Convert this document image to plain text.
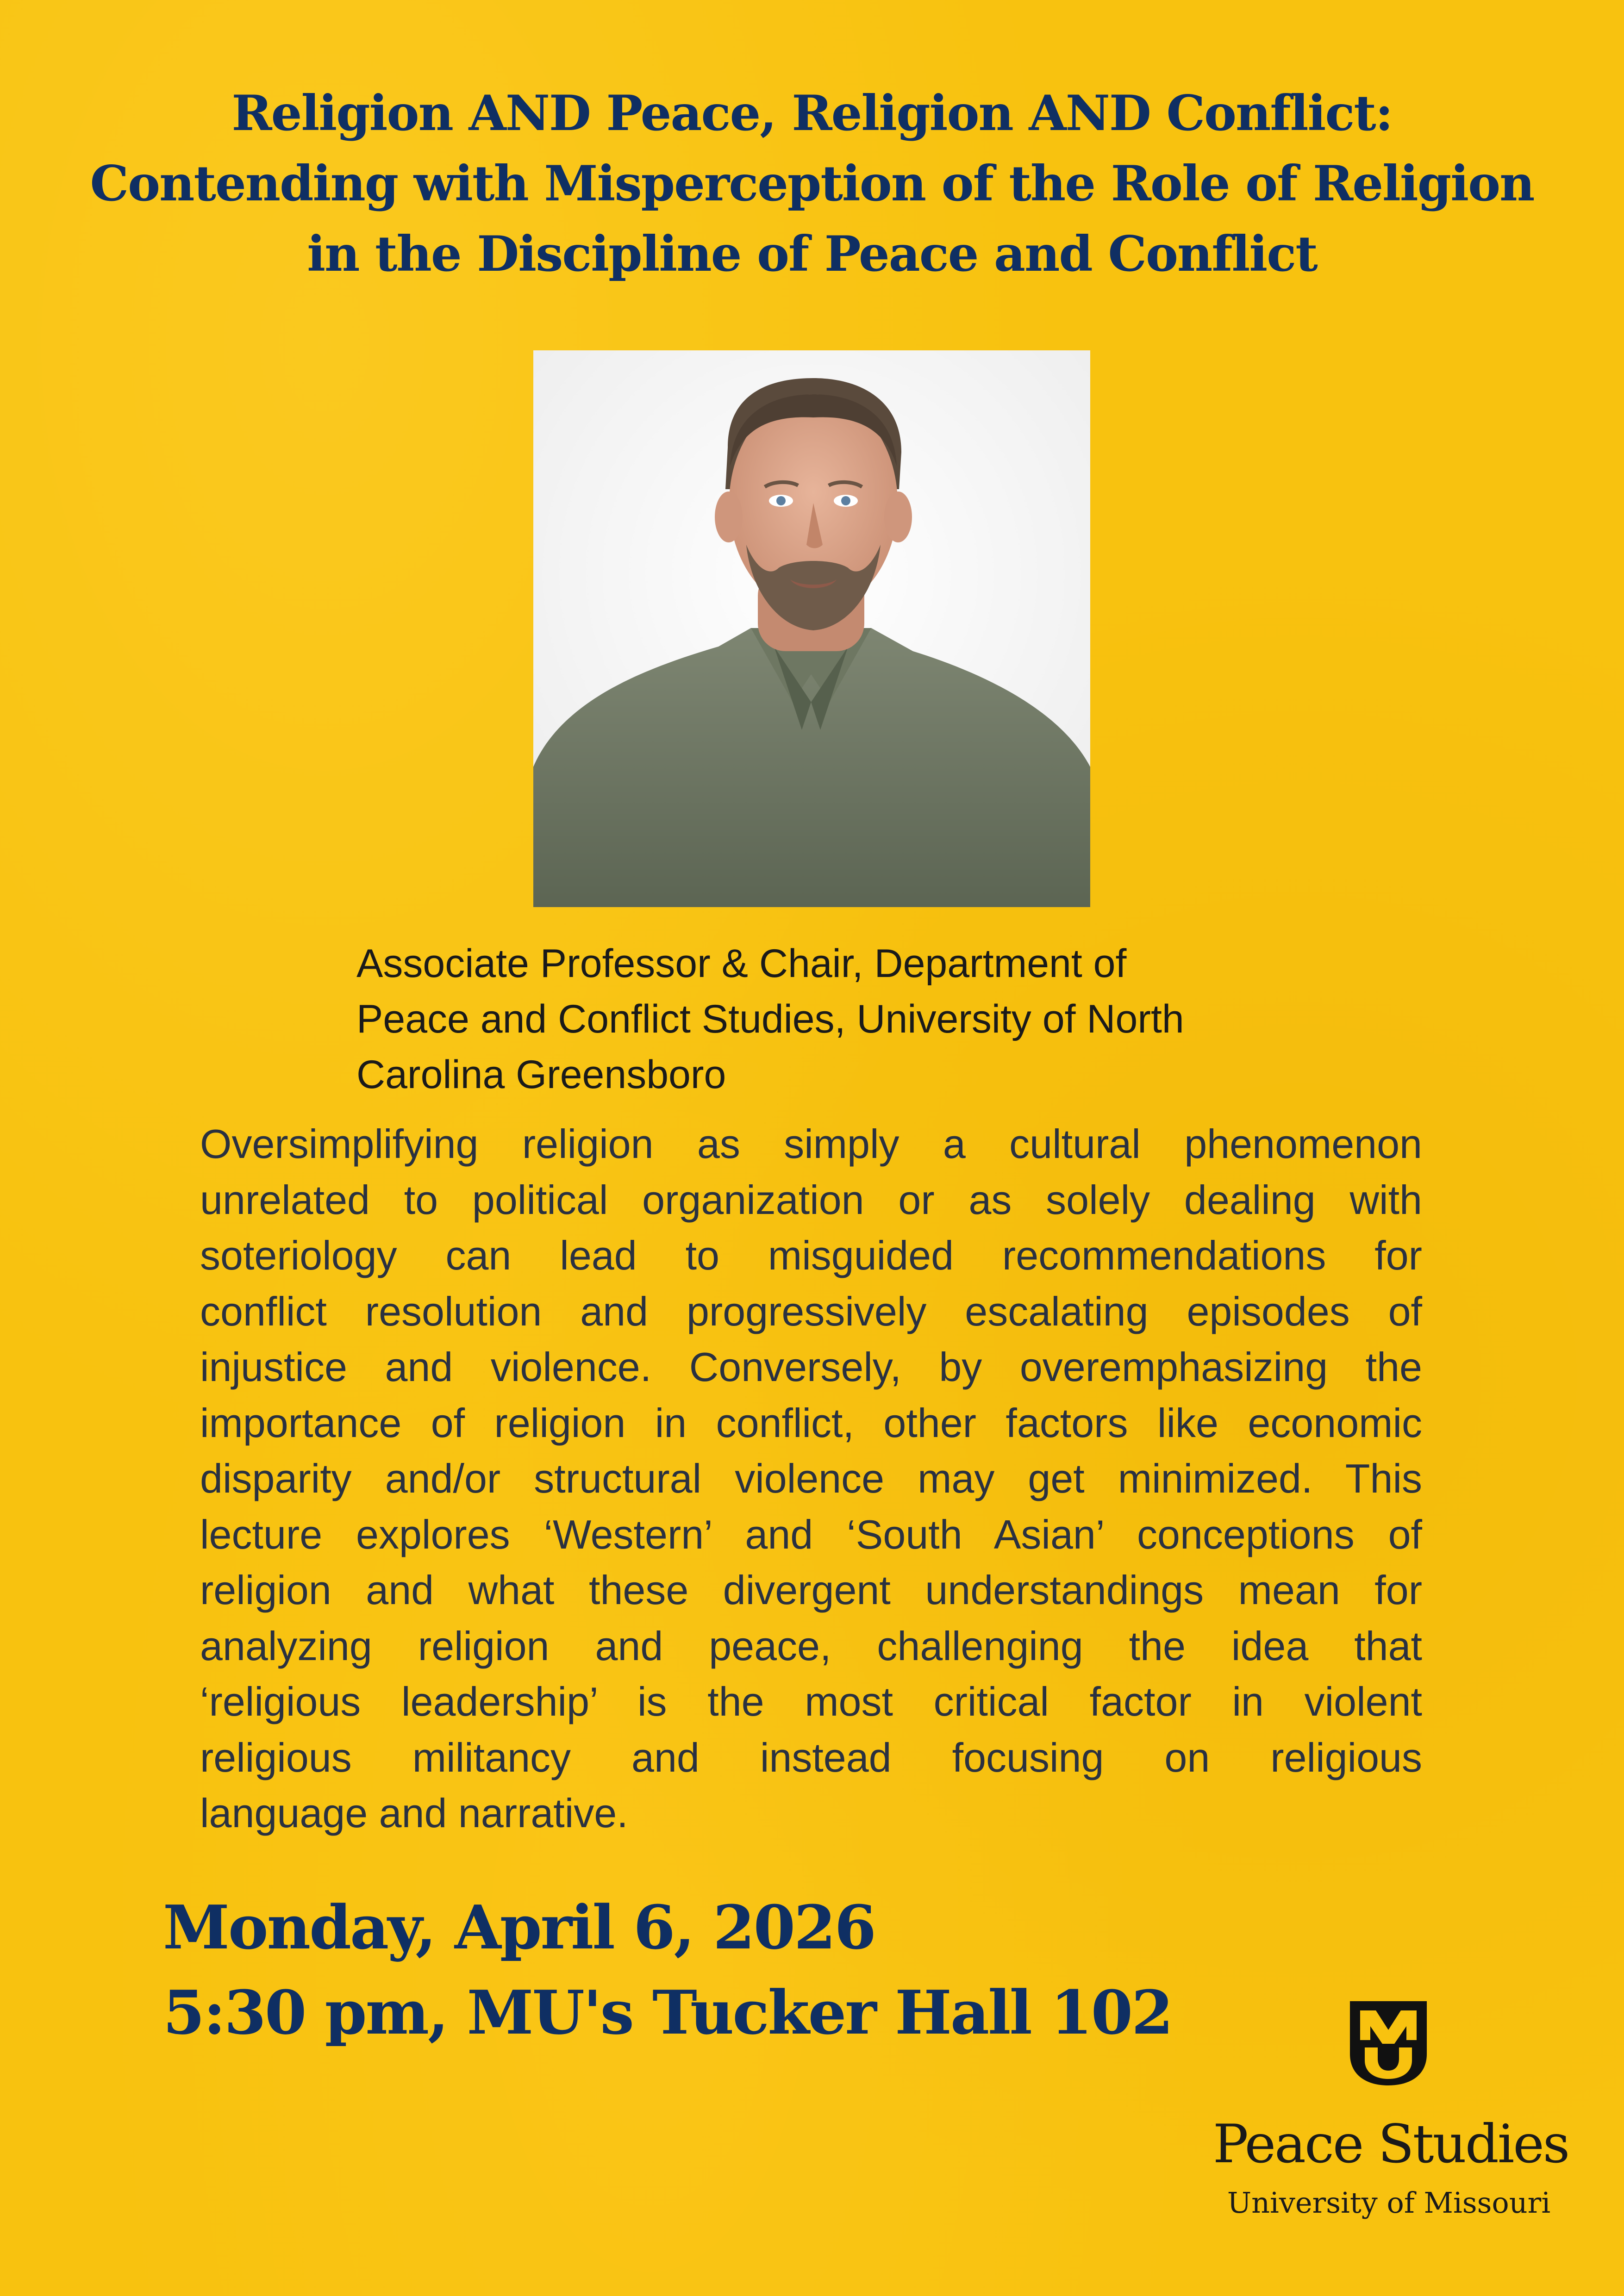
Religion AND Peace, Religion AND Conflict:
Contending with Misperception of the Role of Religion
in the Discipline of Peace and Conflict
Associate Professor & Chair, Department of
Peace and Conflict Studies, University of North
Carolina Greensboro
Oversimplifying religion as simply a cultural phenomenon
unrelated to political organization or as solely dealing with
soteriology can lead to misguided recommendations for
conflict resolution and progressively escalating episodes of
injustice and violence. Conversely, by overemphasizing the
importance of religion in conflict, other factors like economic
disparity and/or structural violence may get minimized. This
lecture explores ‘Western’ and ‘South Asian’ conceptions of
religion and what these divergent understandings mean for
analyzing religion and peace, challenging the idea that
‘religious leadership’ is the most critical factor in violent
religious militancy and instead focusing on religious
language and narrative.

Monday, April 6, 2026

5:30 pm, MU's Tucker Hall 102

Peace Studies

University of Missouri
